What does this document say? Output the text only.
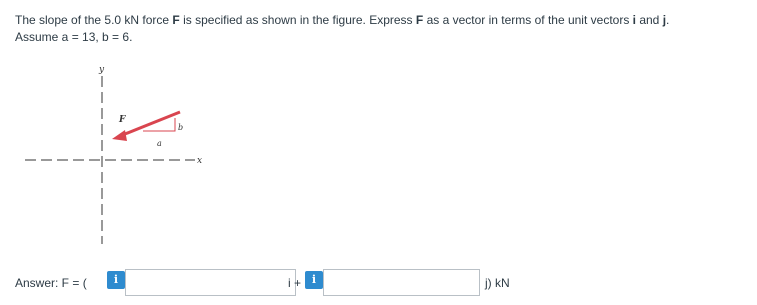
The slope of the 5.0 kN force F is specified as shown in the figure. Express F as a vector in terms of the unit vectors i and j.

Assume a = 13, b = 6.

y
x
F
a
b
Answer: F = (	i	i + i	j) kN
